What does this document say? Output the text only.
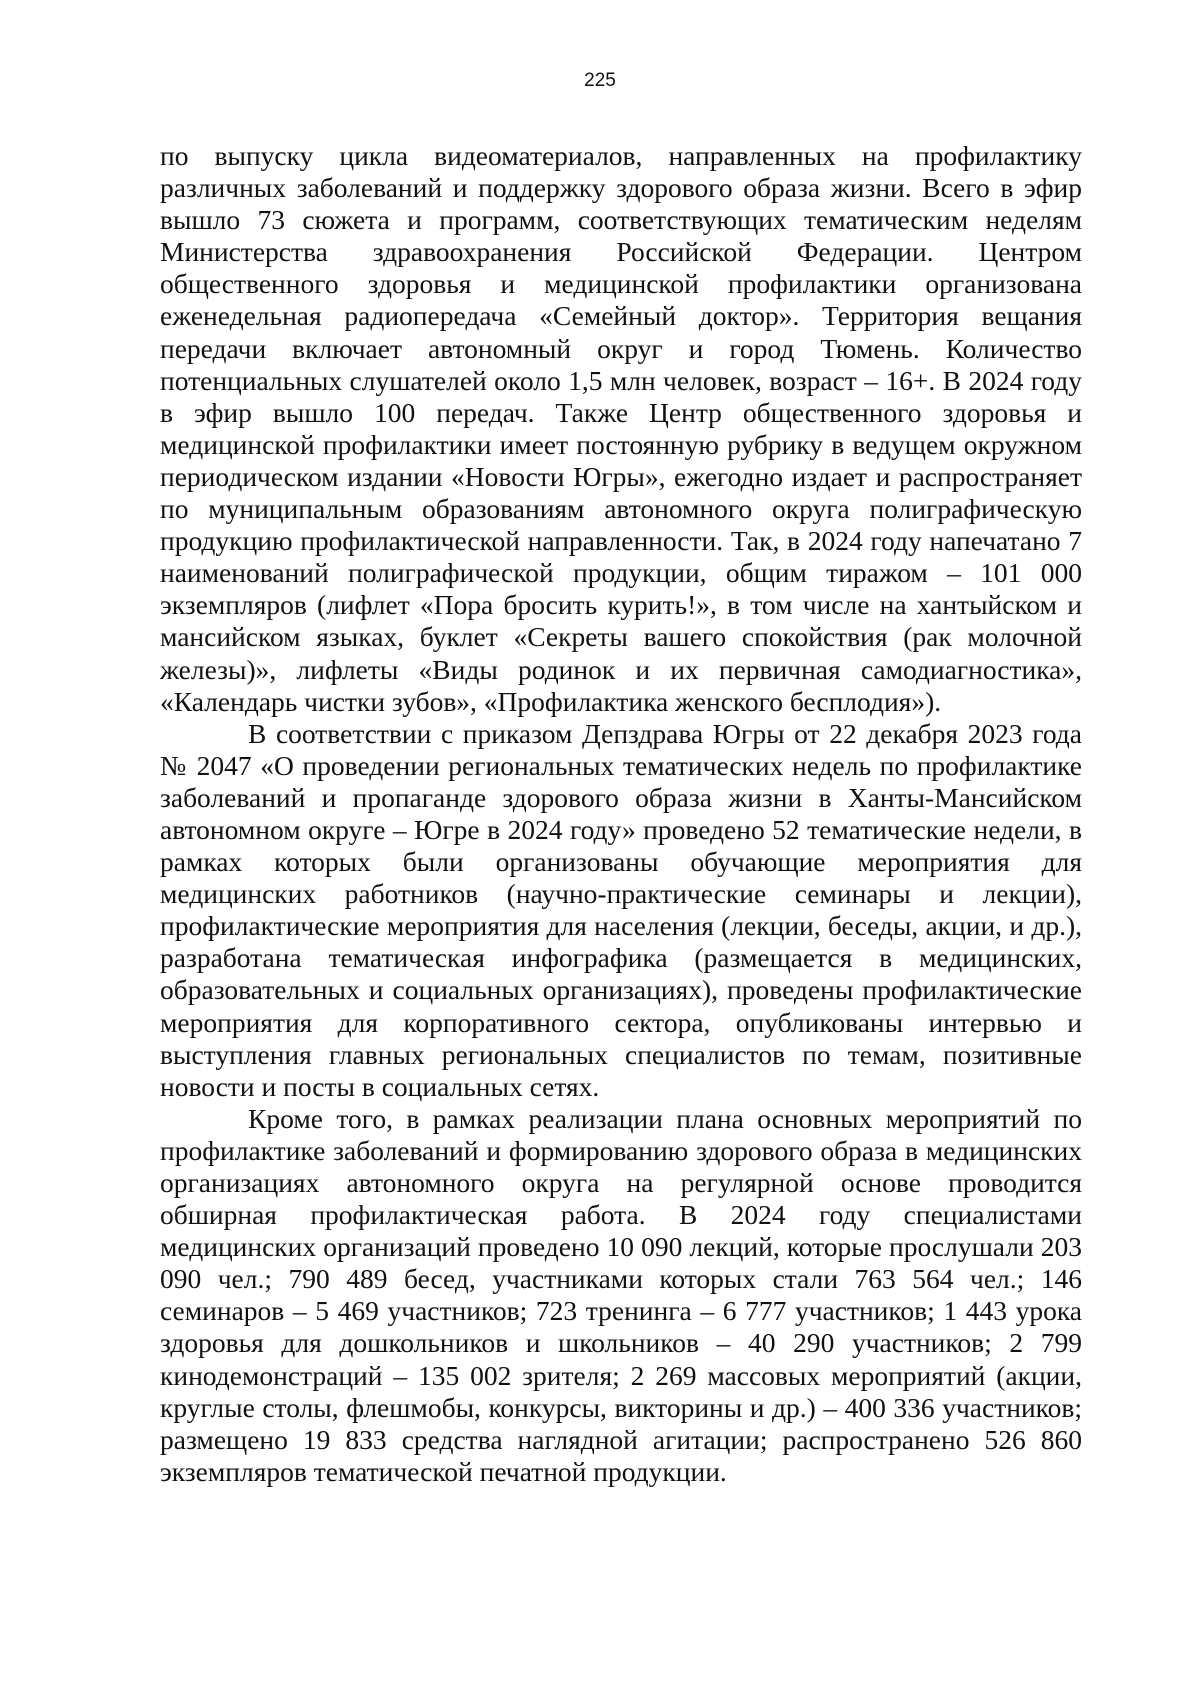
225

по выпуску цикла видеоматериалов, направленных на профилактику различных заболеваний и поддержку здорового образа жизни. Всего в эфир вышло 73 сюжета и программ, соответствующих тематическим неделям Министерства здравоохранения Российской Федерации. Центром общественного здоровья и медицинской профилактики организована еженедельная радиопередача «Семейный доктор». Территория вещания передачи включает автономный округ и город Тюмень. Количество потенциальных слушателей около 1,5 млн человек, возраст – 16+. В 2024 году в эфир вышло 100 передач. Также Центр общественного здоровья и медицинской профилактики имеет постоянную рубрику в ведущем окружном периодическом издании «Новости Югры», ежегодно издает и распространяет по муниципальным образованиям автономного округа полиграфическую продукцию профилактической направленности. Так, в 2024 году напечатано 7 наименований полиграфической продукции, общим тиражом – 101 000 экземпляров (лифлет «Пора бросить курить!», в том числе на хантыйском и мансийском языках, буклет «Секреты вашего спокойствия (рак молочной железы)», лифлеты «Виды родинок и их первичная самодиагностика», «Календарь чистки зубов», «Профилактика женского бесплодия»).

В соответствии с приказом Депздрава Югры от 22 декабря 2023 года № 2047 «О проведении региональных тематических недель по профилактике заболеваний и пропаганде здорового образа жизни в Ханты-Мансийском автономном округе – Югре в 2024 году» проведено 52 тематические недели, в рамках которых были организованы обучающие мероприятия для медицинских работников (научно-практические семинары и лекции), профилактические мероприятия для населения (лекции, беседы, акции, и др.), разработана тематическая инфографика (размещается в медицинских, образовательных и социальных организациях), проведены профилактические мероприятия для корпоративного сектора, опубликованы интервью и выступления главных региональных специалистов по темам, позитивные новости и посты в социальных сетях.

Кроме того, в рамках реализации плана основных мероприятий по профилактике заболеваний и формированию здорового образа в медицинских организациях автономного округа на регулярной основе проводится обширная профилактическая работа. В 2024 году специалистами медицинских организаций проведено 10 090 лекций, которые прослушали 203 090 чел.; 790 489 бесед, участниками которых стали 763 564 чел.; 146 семинаров – 5 469 участников; 723 тренинга – 6 777 участников; 1 443 урока здоровья для дошкольников и школьников – 40 290 участников; 2 799 кинодемонстраций – 135 002 зрителя; 2 269 массовых мероприятий (акции, круглые столы, флешмобы, конкурсы, викторины и др.) – 400 336 участников; размещено 19 833 средства наглядной агитации; распространено 526 860 экземпляров тематической печатной продукции.
